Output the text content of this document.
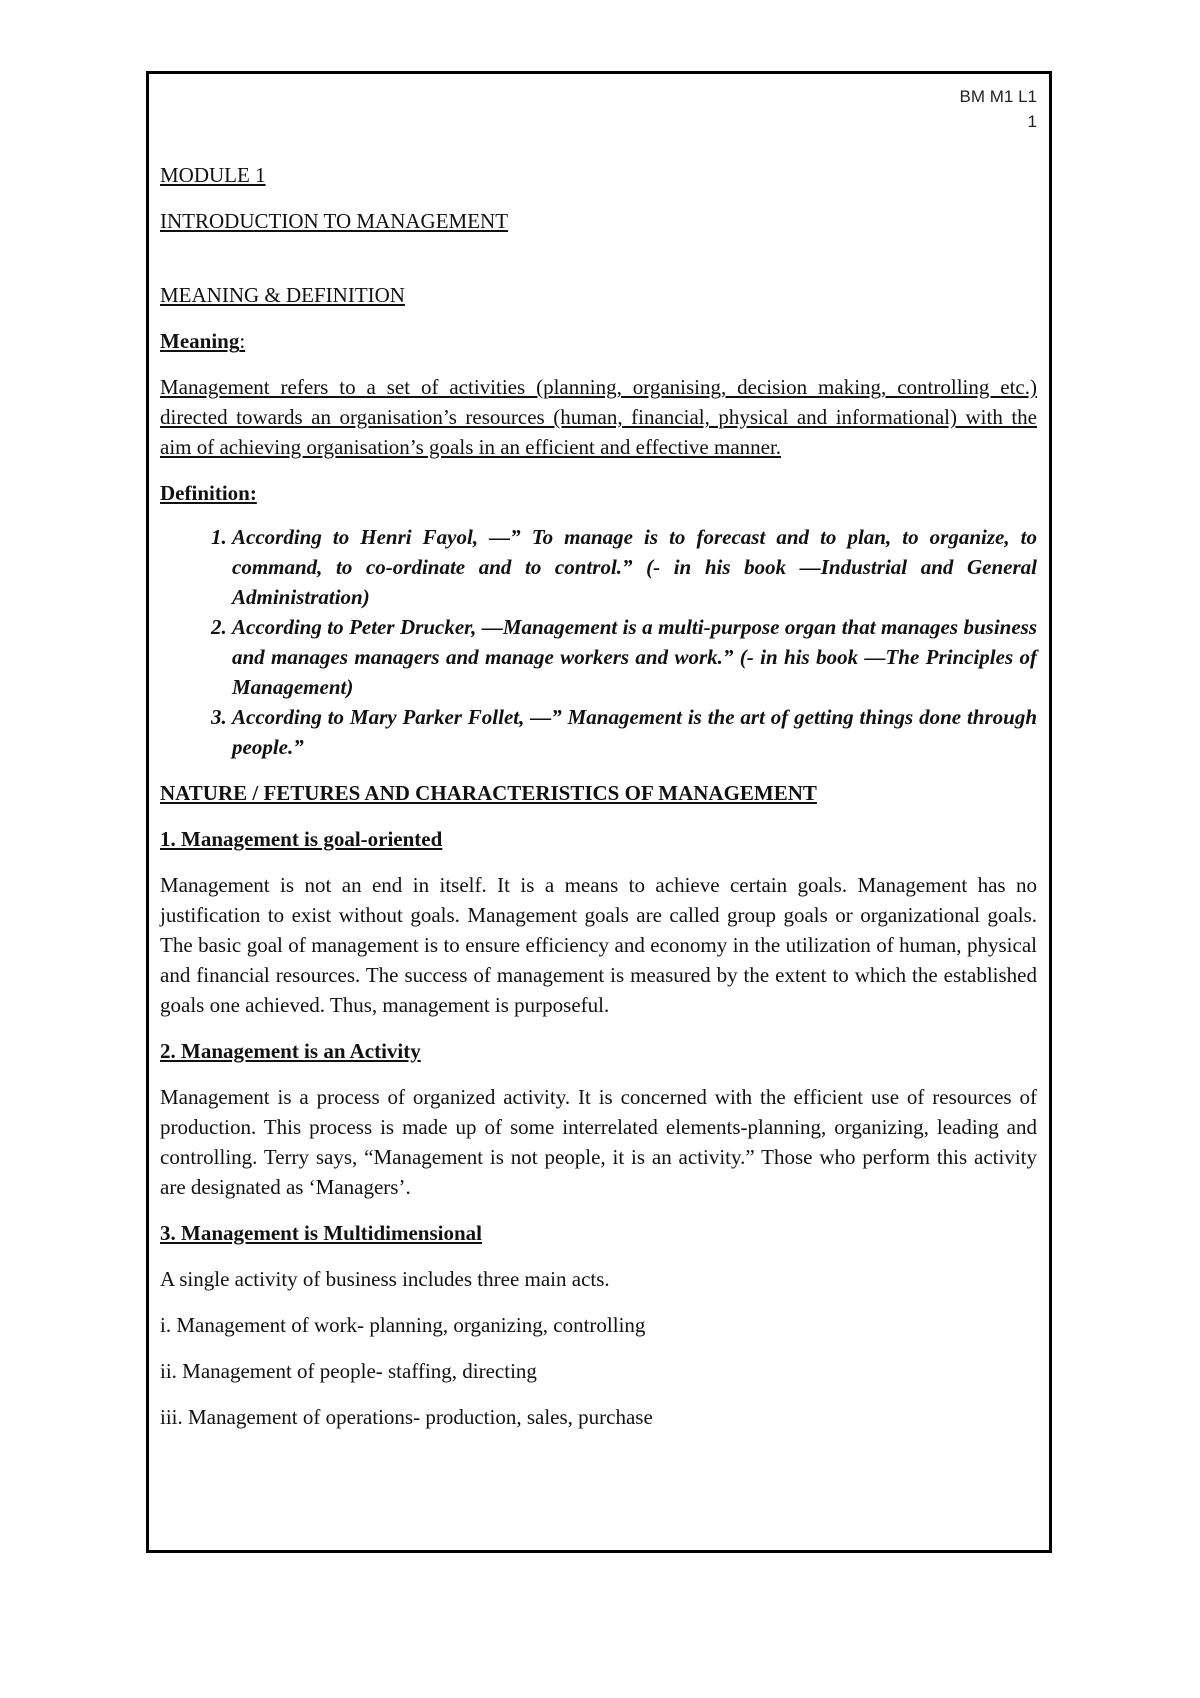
BM M1 L1
1

MODULE 1

INTRODUCTION TO MANAGEMENT

MEANING & DEFINITION

Meaning:

Management refers to a set of activities (planning, organising, decision making, controlling etc.) directed towards an organisation’s resources (human, financial, physical and informational) with the aim of achieving organisation’s goals in an efficient and effective manner.

Definition:

1. According to Henri Fayol, —” To manage is to forecast and to plan, to organize, to command, to co-ordinate and to control.” (- in his book —Industrial and General Administration)
2. According to Peter Drucker, —Management is a multi-purpose organ that manages business and manages managers and manage workers and work.” (- in his book —The Principles of Management)
3. According to Mary Parker Follet, —” Management is the art of getting things done through people.”

NATURE / FETURES AND CHARACTERISTICS OF MANAGEMENT

1. Management is goal-oriented

Management is not an end in itself. It is a means to achieve certain goals. Management has no justification to exist without goals. Management goals are called group goals or organizational goals. The basic goal of management is to ensure efficiency and economy in the utilization of human, physical and financial resources. The success of management is measured by the extent to which the established goals one achieved. Thus, management is purposeful.

2. Management is an Activity

Management is a process of organized activity. It is concerned with the efficient use of resources of production. This process is made up of some interrelated elements-planning, organizing, leading and controlling. Terry says, “Management is not people, it is an activity.” Those who perform this activity are designated as ‘Managers’.

3. Management is Multidimensional

A single activity of business includes three main acts.

i. Management of work- planning, organizing, controlling

ii. Management of people- staffing, directing

iii. Management of operations- production, sales, purchase
